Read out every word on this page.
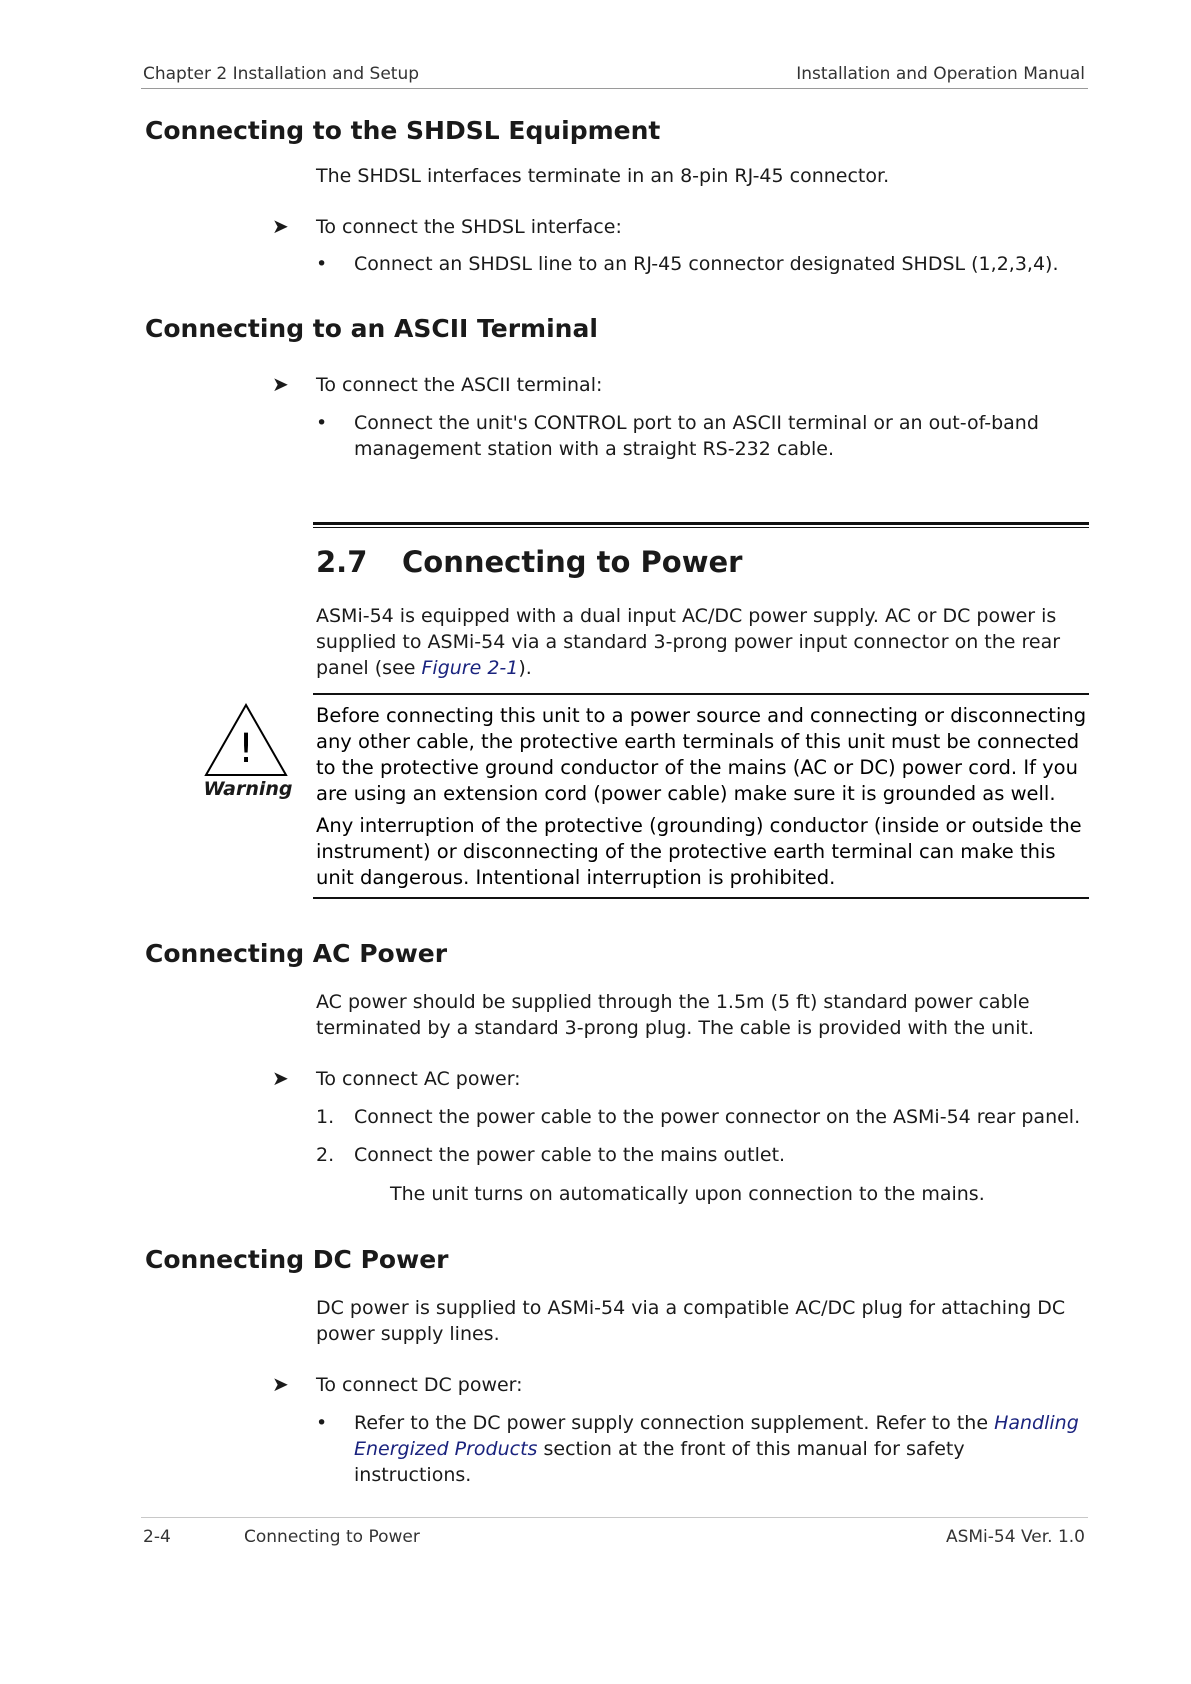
Chapter 2 Installation and Setup	Installation and Operation Manual
Connecting to the SHDSL Equipment
The SHDSL interfaces terminate in an 8-pin RJ-45 connector.
➤ To connect the SHDSL interface:
•	Connect an SHDSL line to an RJ-45 connector designated SHDSL (1,2,3,4).
Connecting to an ASCII Terminal
➤ To connect the ASCII terminal:
•	Connect the unit's CONTROL port to an ASCII terminal or an out-of-band management station with a straight RS-232 cable.
2.7 Connecting to Power
ASMi-54 is equipped with a dual input AC/DC power supply. AC or DC power is supplied to ASMi-54 via a standard 3-prong power input connector on the rear panel (see Figure 2-1).
!
Warning
Before connecting this unit to a power source and connecting or disconnecting any other cable, the protective earth terminals of this unit must be connected to the protective ground conductor of the mains (AC or DC) power cord. If you are using an extension cord (power cable) make sure it is grounded as well.
Any interruption of the protective (grounding) conductor (inside or outside the instrument) or disconnecting of the protective earth terminal can make this unit dangerous. Intentional interruption is prohibited.
Connecting AC Power
AC power should be supplied through the 1.5m (5 ft) standard power cable terminated by a standard 3-prong plug. The cable is provided with the unit.
➤ To connect AC power:
1.	Connect the power cable to the power connector on the ASMi-54 rear panel.
2.	Connect the power cable to the mains outlet.
The unit turns on automatically upon connection to the mains.
Connecting DC Power
DC power is supplied to ASMi-54 via a compatible AC/DC plug for attaching DC power supply lines.
➤ To connect DC power:
•	Refer to the DC power supply connection supplement. Refer to the Handling Energized Products section at the front of this manual for safety instructions.
2-4	Connecting to Power	ASMi-54 Ver. 1.0
